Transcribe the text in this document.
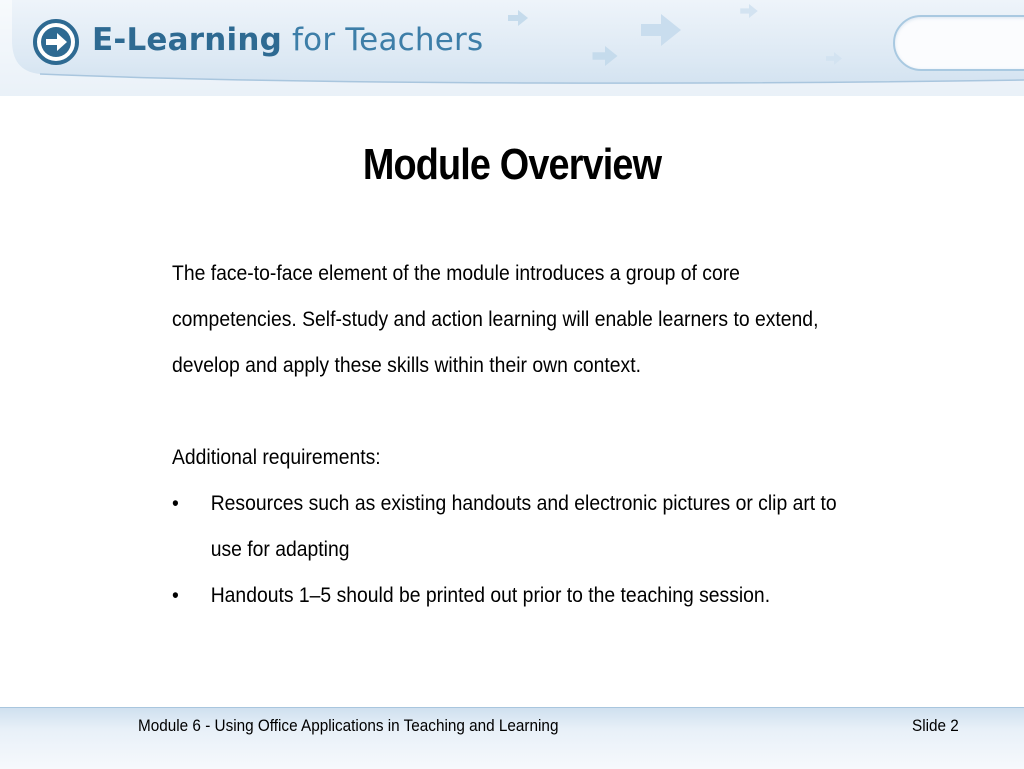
E-Learning for Teachers
Module Overview

The face-to-face element of the module introduces a group of core

competencies. Self-study and action learning will enable learners to extend,

develop and apply these skills within their own context.

Additional requirements:

• Resources such as existing handouts and electronic pictures or clip art to
use for adapting
• Handouts 1–5 should be printed out prior to the teaching session.
Module 6 - Using Office Applications in Teaching and Learning	Slide 2
